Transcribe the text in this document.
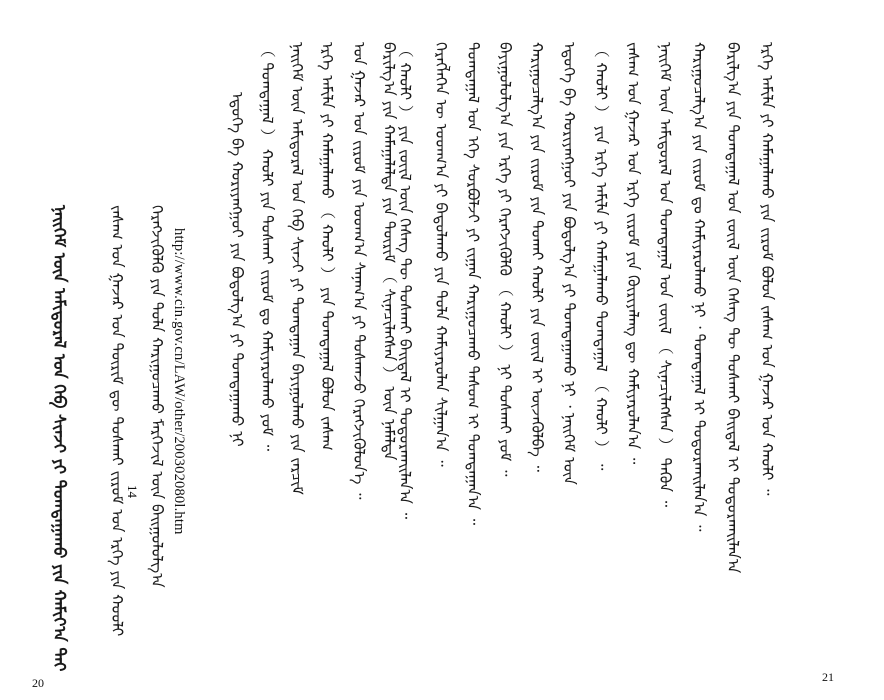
ᠨᠡᠢᠭᠡᠮ ᠦᠨ ᠠᠮᠢᠳᠤᠷᠠᠯ ᠤᠨ ᠬᠡᠪ ᠰᠢᠨᠵᠢ ᠶᠢ ᠲᠣᠭᠲᠠᠭᠠᠬᠤ ᠶᠢᠨ ᠬᠠᠮᠢᠶ᠎ᠠ ᠲᠠᠢ	ᠵᠠᠰᠠᠭ ᠤᠨ ᠭᠠᠵᠠᠷ ᠤᠨ ᠳᠦᠷᠢᠮ ᠳᠦ ᠲᠤᠰᠬᠠᠢ ᠵᠢᠷᠤᠮ ᠤᠨ ᠡᠷᠬᠡ ᠶᠢᠨ ᠬᠤᠤᠯᠢ ᠬᠡᠷᠡᠭᠵᠢᠭᠦᠯᠬᠦ ᠶᠢᠨ ᠲᠤᠯᠠ ᠬᠠᠷᠢᠭᠤᠴᠠᠬᠤ ᠮᠡᠷᠭᠡᠵᠢᠯ ᠦᠨ ᠪᠠᠢᠭᠤᠯᠤᠯᠭ᠎ᠠ
14 http://www.cin.gov.cn/LAW/other/200302080l.htm	ᠡᠳᠦᠭᠡ ᠪᠠ ᠬᠤᠷᠢᠶᠠᠩᠭᠤᠢ ᠶᠢᠨ ᠪᠣᠳᠤᠯᠭ᠎ᠠ ᠶᠢ ᠲᠣᠭᠲᠠᠭᠠᠬᠤ ᠨᠢ （ ᠲᠣᠭᠲᠠᠭᠠᠯ ） ᠬᠠᠤᠯᠢ ᠶᠢᠨ ᠲᠤᠰᠬᠠᠢ ᠵᠢᠷᠤᠮ ᠳᠤ ᠬᠠᠮᠢᠶᠠᠷᠤᠯᠠᠬᠤ ᠶᠤᠮ ᠃ ᠨᠡᠢᠭᠡᠮ ᠦᠨ ᠠᠮᠢᠳᠤᠷᠠᠯ ᠤᠨ ᠬᠡᠪ ᠰᠢᠨᠵᠢ ᠶᠢ ᠲᠣᠭᠲᠠᠭᠠᠨ ᠪᠠᠶᠢᠭᠤᠯᠬᠤ ᠶᠢᠨ ᠵᠠᠷᠴᠢᠮ ᠡᠷᠬᠡ ᠠᠮᠢᠯᠠ ᠶᠢ ᠬᠠᠮᠠᠭᠠᠯᠠᠬᠤ （ ᠬᠠᠤᠯᠢ ） ᠶᠢᠨ ᠲᠣᠭᠲᠠᠭᠠᠯ ᠪᠣᠯᠤᠨ ᠵᠠᠰᠠᠭ ᠤᠨ ᠭᠠᠵᠠᠷ ᠤᠨ ᠵᠢᠷᠤᠮ ᠶᠢᠨ ᠤᠳᠬ᠎ᠠ ᠰᠠᠨᠠᠭ᠎ᠠ ᠶᠢ ᠲᠤᠰᠬᠠᠵᠤ ᠬᠡᠷᠡᠭᠵᠢᠭᠦᠯᠦᠨ᠎ᠡ ᠃ ᠪᠠᠷᠢᠯᠭ᠎ᠠ ᠶᠢᠨ ᠬᠠᠮᠠᠭᠠᠯᠠᠯᠲᠠ ᠶᠢᠨ ᠳᠦᠷᠢᠮ （ ᠰᠢᠨᠡᠴᠢᠯᠡᠭᠰᠡᠨ ） ᠦᠨ ᠨᠡᠮᠡᠯᠲᠡ
（ ᠬᠠᠤᠯᠢ ） ᠶᠢᠨ ᠵᠦᠢᠯ ᠦᠨ ᠬᠡᠰᠡᠭ ᠲᠦ ᠲᠤᠰᠬᠠᠢ ᠪᠠᠢᠳᠠᠯ ᠢ ᠲᠣᠳᠤᠷᠬᠠᠢᠯᠠᠨ᠎ᠠ ᠃ ᠬᠡᠷᠡᠭᠯᠡᠭᠡᠨ ᠦ ᠤᠳᠬ᠎ᠠ ᠶᠢ ᠪᠠᠲᠤᠯᠠᠬᠤ ᠶᠢᠨ ᠲᠤᠯᠠ ᠬᠠᠮᠢᠶᠠᠷᠤᠯᠠᠨ ᠰᠢᠯᠭᠠᠨ᠎ᠠ ᠃ ᠲᠣᠭᠲᠠᠭᠠᠯ ᠤᠨ ᠡᠬᠡ ᠰᠤᠷᠪᠤᠯᠵᠢ ᠶᠢ ᠵᠢᠭᠠᠨ ᠬᠠᠷᠢᠭᠤᠴᠠᠬᠤ ᠲᠠᠰᠤᠭ ᠢ ᠲᠣᠭᠲᠠᠭᠠᠨ᠎ᠠ ᠃ ᠪᠠᠶᠢᠭᠤᠯᠤᠯᠭ᠎ᠠ ᠶᠢᠨ ᠡᠷᠬᠡ ᠶᠢ ᠬᠡᠷᠡᠭᠵᠢᠭᠦᠯᠬᠦ （ ᠬᠠᠤᠯᠢ ） ᠨᠢ ᠲᠤᠰᠬᠠᠢ ᠶᠤᠮ ᠃ ᠬᠠᠷᠢᠭᠤᠴᠠᠯᠭ᠎ᠠ ᠶᠢᠨ ᠵᠢᠷᠤᠮ ᠶᠢᠨ ᠲᠤᠬᠠᠢ ᠬᠠᠤᠯᠢ ᠶᠢᠨ ᠵᠦᠢᠯ ᠢ ᠦᠵᠡᠭᠦᠯᠪᠡ ᠃ ᠡᠳᠦᠭᠡ ᠪᠠ ᠬᠤᠷᠢᠶᠠᠩᠭᠤᠢ ᠶᠢᠨ ᠪᠣᠳᠤᠯᠭ᠎ᠠ ᠶᠢ ᠲᠣᠭᠲᠠᠭᠠᠬᠤ ᠨᠢ ᠂ ᠨᠡᠢᠭᠡᠮ ᠦᠨ （ ᠬᠠᠤᠯᠢ ） ᠶᠢᠨ ᠡᠷᠬᠡ ᠠᠮᠢᠯᠠ ᠶᠢ ᠬᠠᠮᠠᠭᠠᠯᠠᠬᠤ ᠲᠣᠭᠲᠠᠭᠠᠯ （ ᠬᠠᠤᠯᠢ ） ᠃ ᠵᠠᠰᠠᠭ ᠤᠨ ᠭᠠᠵᠠᠷ ᠤᠨ ᠡᠷᠬᠡ ᠵᠢᠷᠤᠮ ᠶᠢᠨ ᠬᠦᠷᠢᠶᠡᠯᠡᠩ ᠳᠦ ᠬᠠᠮᠢᠶᠠᠷᠤᠯᠠᠨ᠎ᠠ ᠃ ᠨᠡᠢᠭᠡᠮ ᠦᠨ ᠠᠮᠢᠳᠤᠷᠠᠯ ᠤᠨ ᠲᠣᠭᠲᠠᠭᠠᠯ ᠤᠨ ᠵᠦᠢᠯ （ ᠰᠢᠨᠡᠴᠢᠯᠡᠭᠰᠡᠨ ） ᠲᠡᠭᠦᠨ ᠃ ᠬᠠᠷᠢᠭᠤᠴᠠᠯᠭ᠎ᠠ ᠶᠢᠨ ᠵᠢᠷᠤᠮ ᠳᠤ ᠬᠠᠮᠢᠶᠠᠷᠤᠯᠠᠬᠤ ᠨᠢ ᠂ ᠲᠣᠭᠲᠠᠭᠠᠯ ᠢ ᠲᠣᠳᠤᠷᠬᠠᠢᠯᠠᠨ᠎ᠠ ᠃ ᠪᠠᠷᠢᠯᠭ᠎ᠠ ᠶᠢᠨ ᠲᠣᠭᠲᠠᠭᠠᠯ ᠤᠨ ᠵᠦᠢᠯ ᠦᠨ ᠬᠡᠰᠡᠭ ᠲᠦ ᠲᠤᠰᠬᠠᠢ ᠪᠠᠢᠳᠠᠯ ᠢ ᠲᠣᠳᠤᠷᠬᠠᠢᠯᠠᠨ᠎ᠠ ᠡᠷᠬᠡ ᠠᠮᠢᠯᠠ ᠶᠢ ᠬᠠᠮᠠᠭᠠᠯᠠᠬᠤ ᠶᠢᠨ ᠵᠢᠷᠤᠮ ᠪᠣᠯᠤᠨ ᠵᠠᠰᠠᠭ ᠤᠨ ᠭᠠᠵᠠᠷ ᠤᠨ ᠬᠠᠤᠯᠢ ᠃
20	21
